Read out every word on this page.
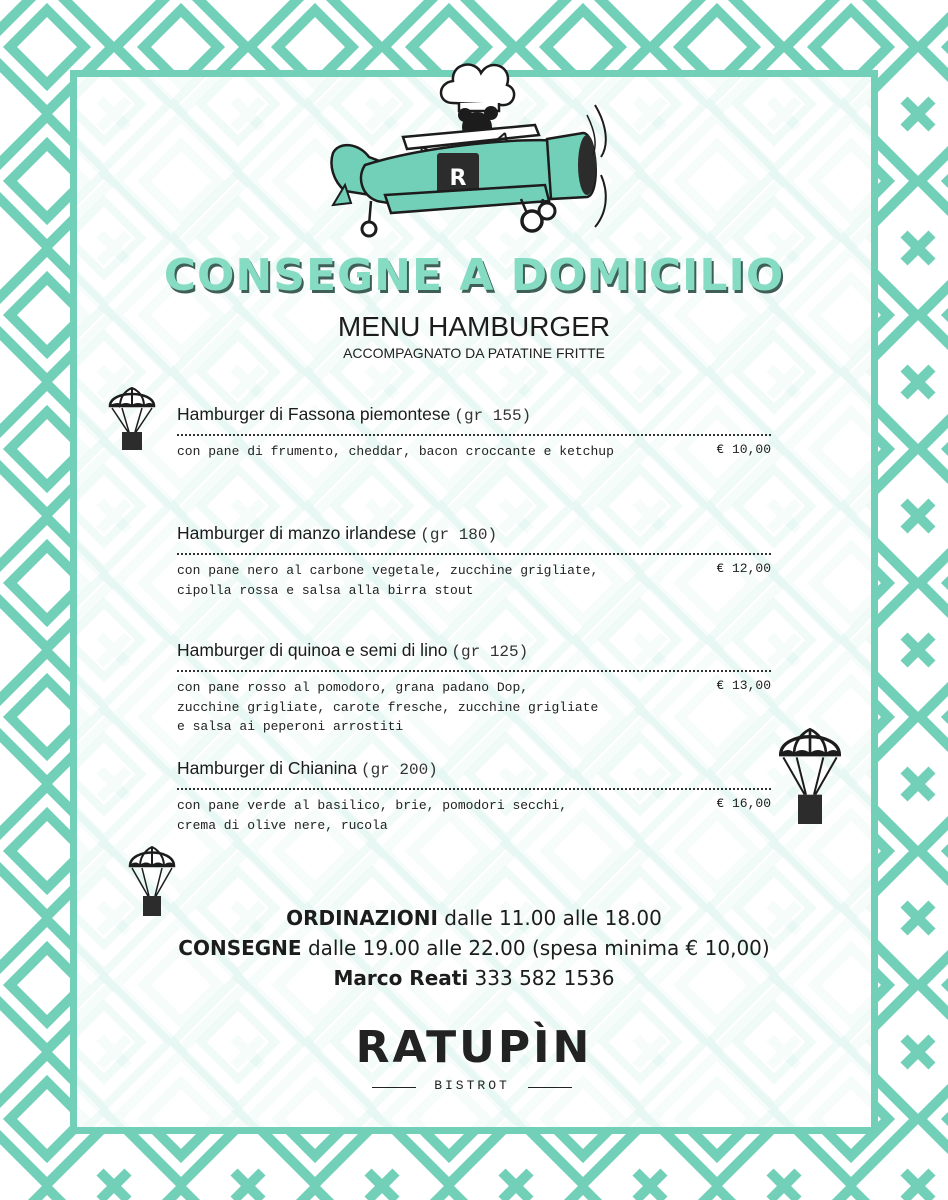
R
CONSEGNE A DOMICILIO
MENU HAMBURGER
ACCOMPAGNATO DA PATATINE FRITTE
Hamburger di Fassona piemontese (gr 155)
con pane di frumento, cheddar, bacon croccante e ketchup	€ 10,00
Hamburger di manzo irlandese (gr 180)
con pane nero al carbone vegetale, zucchine grigliate,
cipolla rossa e salsa alla birra stout
€ 12,00
Hamburger di quinoa e semi di lino (gr 125)
con pane rosso al pomodoro, grana padano Dop,
zucchine grigliate, carote fresche, zucchine grigliate
e salsa ai peperoni arrostiti
€ 13,00
Hamburger di Chianina (gr 200)
con pane verde al basilico, brie, pomodori secchi,
crema di olive nere, rucola
€ 16,00
ORDINAZIONI dalle 11.00 alle 18.00
CONSEGNE dalle 19.00 alle 22.00 (spesa minima € 10,00)
Marco Reati 333 582 1536
RATUPÌN
BISTROT
